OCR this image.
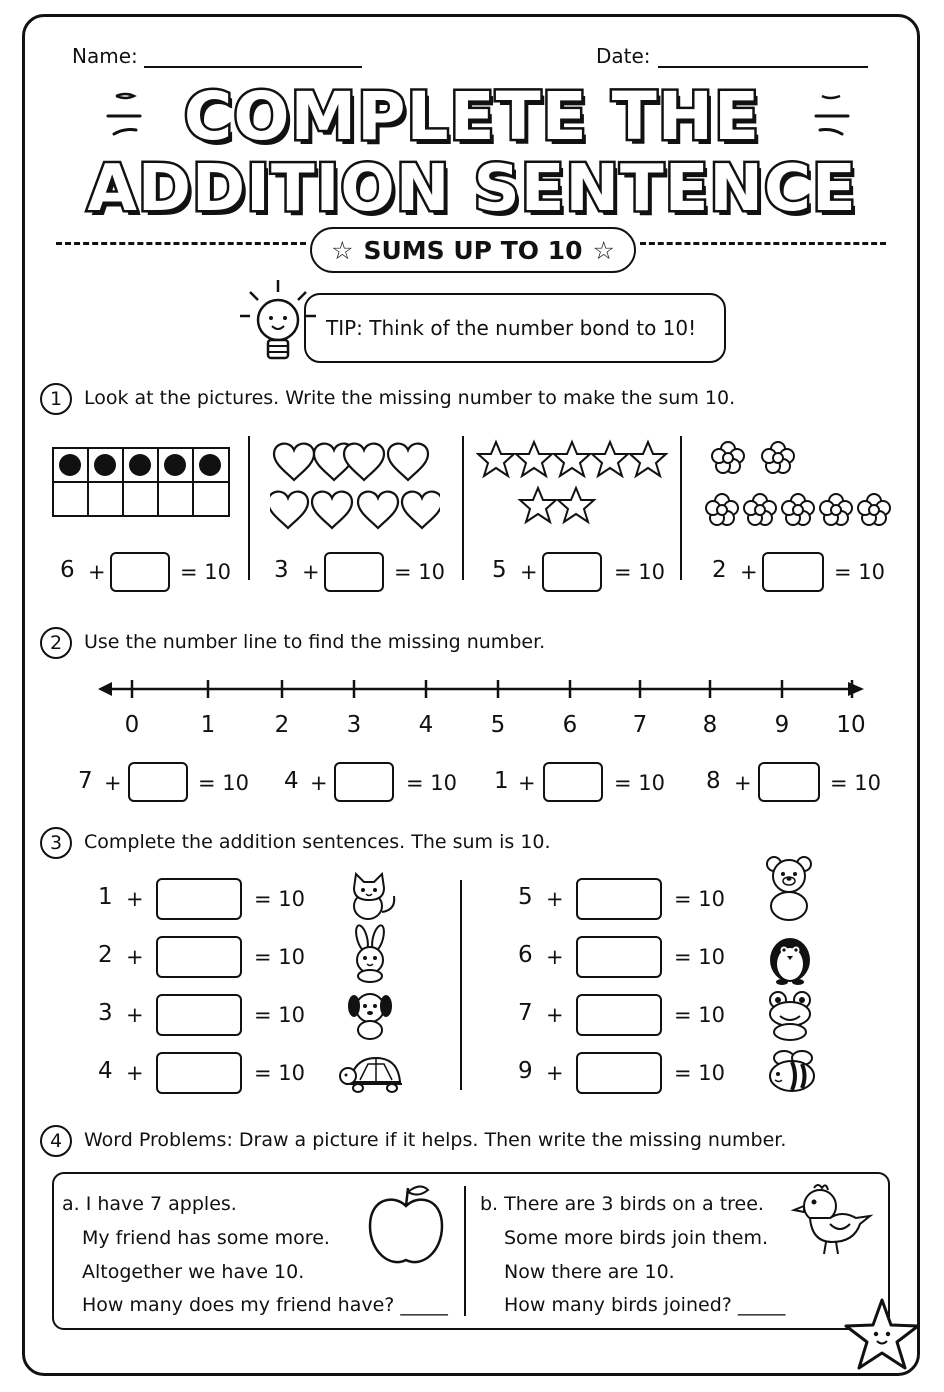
Name:	Date:
COMPLETE THE
ADDITION SENTENCE
☆ SUMS UP TO 10 ☆
TIP: Think of the number bond to 10!
1	Look at the pictures. Write the missing number to make the sum 10.
6 +	= 10 3 +	= 10 5 +	= 10 2 +	= 10
2	Use the number line to find the missing number.
0	1	2	3	4	5	6	7	8	9	10
7 +	= 10 4 +	= 10 1 +	= 10 8 +	= 10
3	Complete the addition sentences. The sum is 10.
1 +	= 10
2 +	= 10
3 +	= 10
4 +	= 10
5 +	= 10
6 +	= 10
7 +	= 10
9 +	= 10
4	Word Problems: Draw a picture if it helps. Then write the missing number.
a. I have 7 apples.
My friend has some more.
Altogether we have 10.
How many does my friend have? _____
b. There are 3 birds on a tree.
Some more birds join them.
Now there are 10.
How many birds joined? _____
